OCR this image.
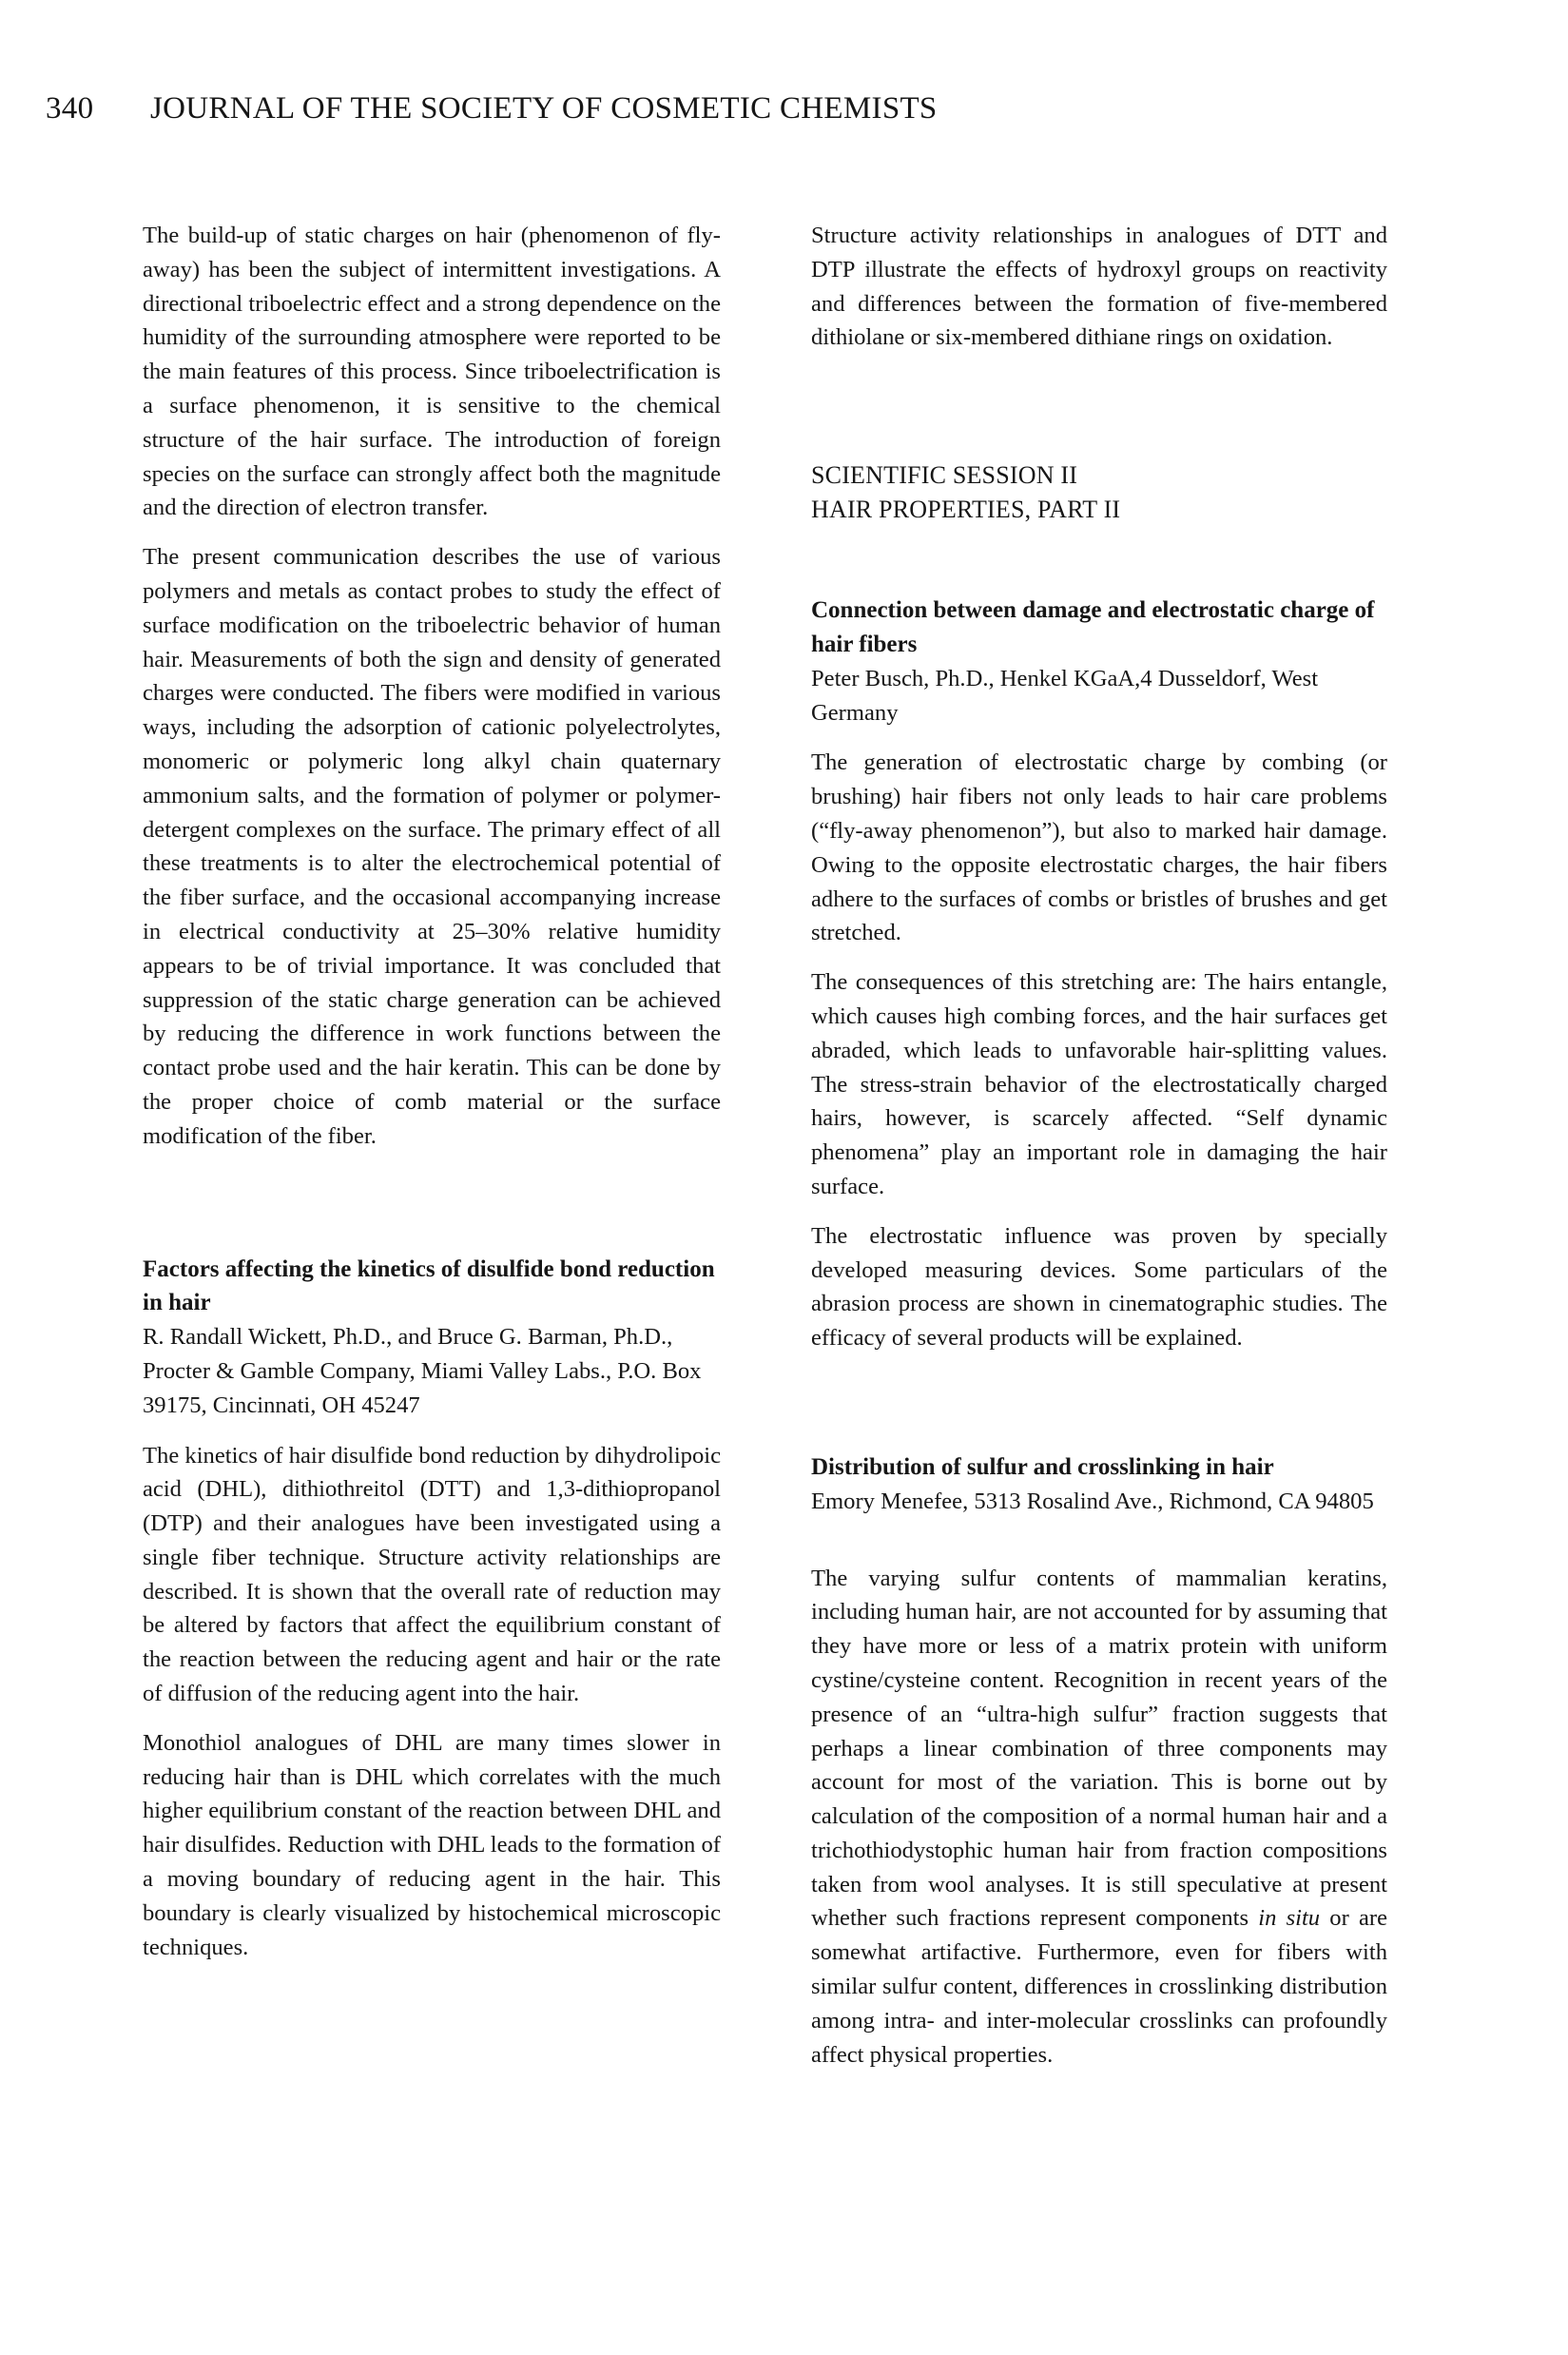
340 JOURNAL OF THE SOCIETY OF COSMETIC CHEMISTS

The build-up of static charges on hair (phenomenon of fly-away) has been the subject of intermittent investigations. A directional triboelectric effect and a strong dependence on the humidity of the surrounding atmosphere were reported to be the main features of this process. Since triboelectrification is a surface phenomenon, it is sensitive to the chemical structure of the hair surface. The introduction of foreign species on the surface can strongly affect both the magnitude and the direction of electron transfer.

The present communication describes the use of various polymers and metals as contact probes to study the effect of surface modification on the triboelectric behavior of human hair. Measurements of both the sign and density of generated charges were conducted. The fibers were modified in various ways, including the adsorption of cationic polyelectrolytes, monomeric or polymeric long alkyl chain quaternary ammonium salts, and the formation of polymer or polymer-detergent complexes on the surface. The primary effect of all these treatments is to alter the electrochemical potential of the fiber surface, and the occasional accompanying increase in electrical conductivity at 25–30% relative humidity appears to be of trivial importance. It was concluded that suppression of the static charge generation can be achieved by reducing the difference in work functions between the contact probe used and the hair keratin. This can be done by the proper choice of comb material or the surface modification of the fiber.

Factors affecting the kinetics of disulfide bond reduction in hair

R. Randall Wickett, Ph.D., and Bruce G. Barman, Ph.D., Procter & Gamble Company, Miami Valley Labs., P.O. Box 39175, Cincinnati, OH 45247

The kinetics of hair disulfide bond reduction by dihydrolipoic acid (DHL), dithiothreitol (DTT) and 1,3-dithiopropanol (DTP) and their analogues have been investigated using a single fiber technique. Structure activity relationships are described. It is shown that the overall rate of reduction may be altered by factors that affect the equilibrium constant of the reaction between the reducing agent and hair or the rate of diffusion of the reducing agent into the hair.

Monothiol analogues of DHL are many times slower in reducing hair than is DHL which correlates with the much higher equilibrium constant of the reaction between DHL and hair disulfides. Reduction with DHL leads to the formation of a moving boundary of reducing agent in the hair. This boundary is clearly visualized by histochemical microscopic techniques.

Structure activity relationships in analogues of DTT and DTP illustrate the effects of hydroxyl groups on reactivity and differences between the formation of five-membered dithiolane or six-membered dithiane rings on oxidation.

SCIENTIFIC SESSION II
HAIR PROPERTIES, PART II
Connection between damage and electrostatic charge of hair fibers

Peter Busch, Ph.D., Henkel KGaA,4 Dusseldorf, West Germany

The generation of electrostatic charge by combing (or brushing) hair fibers not only leads to hair care problems (“fly-away phenomenon”), but also to marked hair damage. Owing to the opposite electrostatic charges, the hair fibers adhere to the surfaces of combs or bristles of brushes and get stretched.

The consequences of this stretching are: The hairs entangle, which causes high combing forces, and the hair surfaces get abraded, which leads to unfavorable hair-splitting values. The stress-strain behavior of the electrostatically charged hairs, however, is scarcely affected. “Self dynamic phenomena” play an important role in damaging the hair surface.

The electrostatic influence was proven by specially developed measuring devices. Some particulars of the abrasion process are shown in cinematographic studies. The efficacy of several products will be explained.

Distribution of sulfur and crosslinking in hair

Emory Menefee, 5313 Rosalind Ave., Richmond, CA 94805

The varying sulfur contents of mammalian keratins, including human hair, are not accounted for by assuming that they have more or less of a matrix protein with uniform cystine/cysteine content. Recognition in recent years of the presence of an “ultra-high sulfur” fraction suggests that perhaps a linear combination of three components may account for most of the variation. This is borne out by calculation of the composition of a normal human hair and a trichothiodystophic human hair from fraction compositions taken from wool analyses. It is still speculative at present whether such fractions represent components in situ or are somewhat artifactive. Furthermore, even for fibers with similar sulfur content, differences in crosslinking distribution among intra- and inter-molecular crosslinks can profoundly affect physical properties.
